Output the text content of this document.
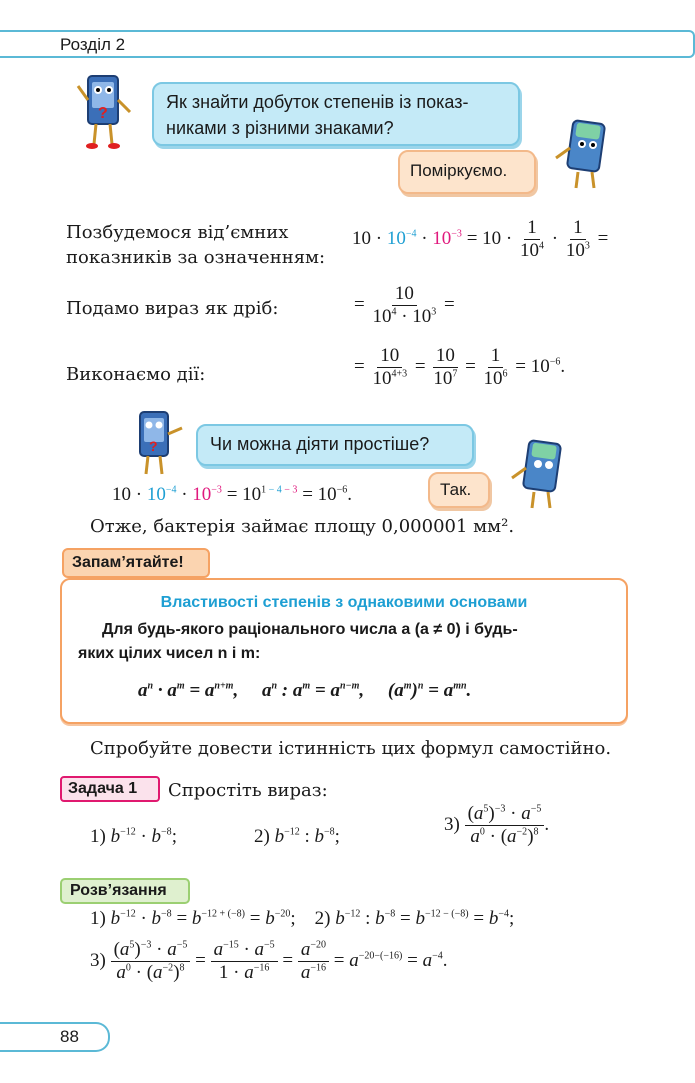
Розділ 2
?
Як знайти добуток степенів із показ-
никами з різними знаками?
Поміркуємо.
Позбудемося від’ємних
показників за означенням:
$10 \cdot 10^{-4} \cdot 10^{-3} = 10 \cdot \frac{1}{10^4} \cdot \frac{1}{10^3}$ =
Подамо вираз як дріб:	= $\frac{10}{10^4 \cdot 10^3}$ =
Виконаємо дії:	= $\frac{10}{10^{4+3}} = \frac{10}{10^7} = \frac{1}{10^6} = 10^{-6}$.
?	Чи можна діяти простіше?
Так.
$10 \cdot 10^{-4} \cdot 10^{-3} = 10^{1 - 4 - 3} = 10^{-6}$.
Отже, бактерія займає площу 0,000001 мм².
Запам’ятайте!
Властивості степенів з однаковими основами
Для будь-якого раціонального числа a (a ≠ 0) і будь-
яких цілих чисел n і m:
$a^n \cdot a^m = a^{n+m}$,     $a^n$ : $a^m = a^{n-m}$,     $(a^m)^n = a^{mn}$.
Спробуйте довести істинність цих формул самостійно.
Задача 1	Спростіть вираз:
1) $b^{-12} \cdot b^{-8}$;	2) $b^{-12}$ : $b^{-8}$;
$3) \frac{(a^5)^{-3} \cdot a^{-5}}{a^0 \cdot (a^{-2})^8}$ .
Розв’язання
1) $b^{-12} \cdot b^{-8} = b^{-12 + (-8)} = b^{-20}$;    2) $b^{-12}$ : $b^{-8} = b^{-12 - (-8)} = b^{-4}$;
$3) \frac{(a^5)^{-3} \cdot a^{-5}}{a^0 \cdot (a^{-2})^8} = \frac{a^{-15} \cdot a^{-5}}{1 \cdot a^{-16}} = \frac{a^{-20}}{a^{-16}} = a^{-20-(-16)} = a^{-4}$.
88
